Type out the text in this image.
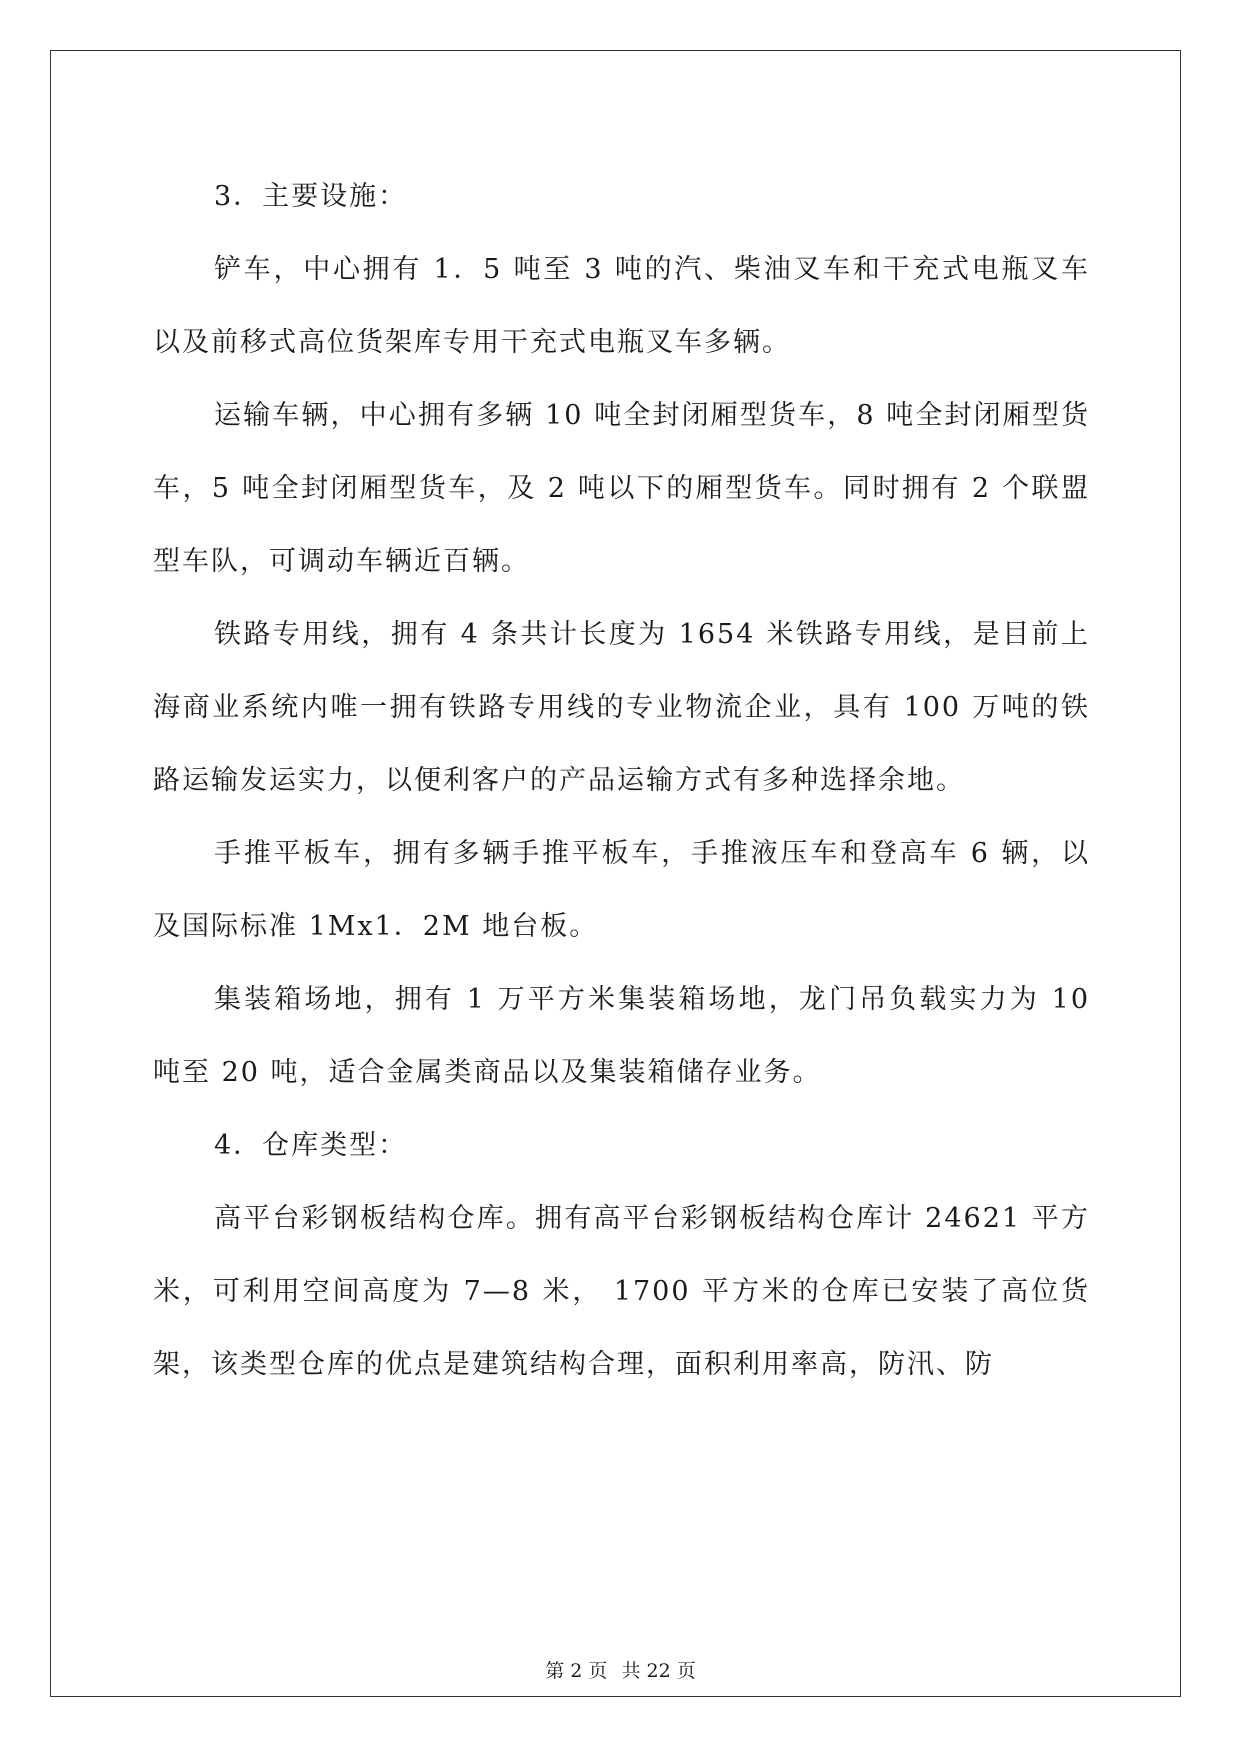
3．主要设施：

铲车，中心拥有 1．5 吨至 3 吨的汽、柴油叉车和干充式电瓶叉车以及前移式高位货架库专用干充式电瓶叉车多辆。

运输车辆，中心拥有多辆 10 吨全封闭厢型货车，8 吨全封闭厢型货车，5 吨全封闭厢型货车，及 2 吨以下的厢型货车。同时拥有 2 个联盟型车队，可调动车辆近百辆。

铁路专用线，拥有 4 条共计长度为 1654 米铁路专用线，是目前上海商业系统内唯一拥有铁路专用线的专业物流企业，具有 100 万吨的铁路运输发运实力，以便利客户的产品运输方式有多种选择余地。

手推平板车，拥有多辆手推平板车，手推液压车和登高车 6 辆，以及国际标准 1Mx1．2M 地台板。

集装箱场地，拥有 1 万平方米集装箱场地，龙门吊负载实力为 10 吨至 20 吨，适合金属类商品以及集装箱储存业务。

4．仓库类型：

高平台彩钢板结构仓库。拥有高平台彩钢板结构仓库计 24621 平方米，可利用空间高度为 7—8 米， 1700 平方米的仓库已安装了高位货架，该类型仓库的优点是建筑结构合理，面积利用率高，防汛、防

第 2 页 共 22 页
